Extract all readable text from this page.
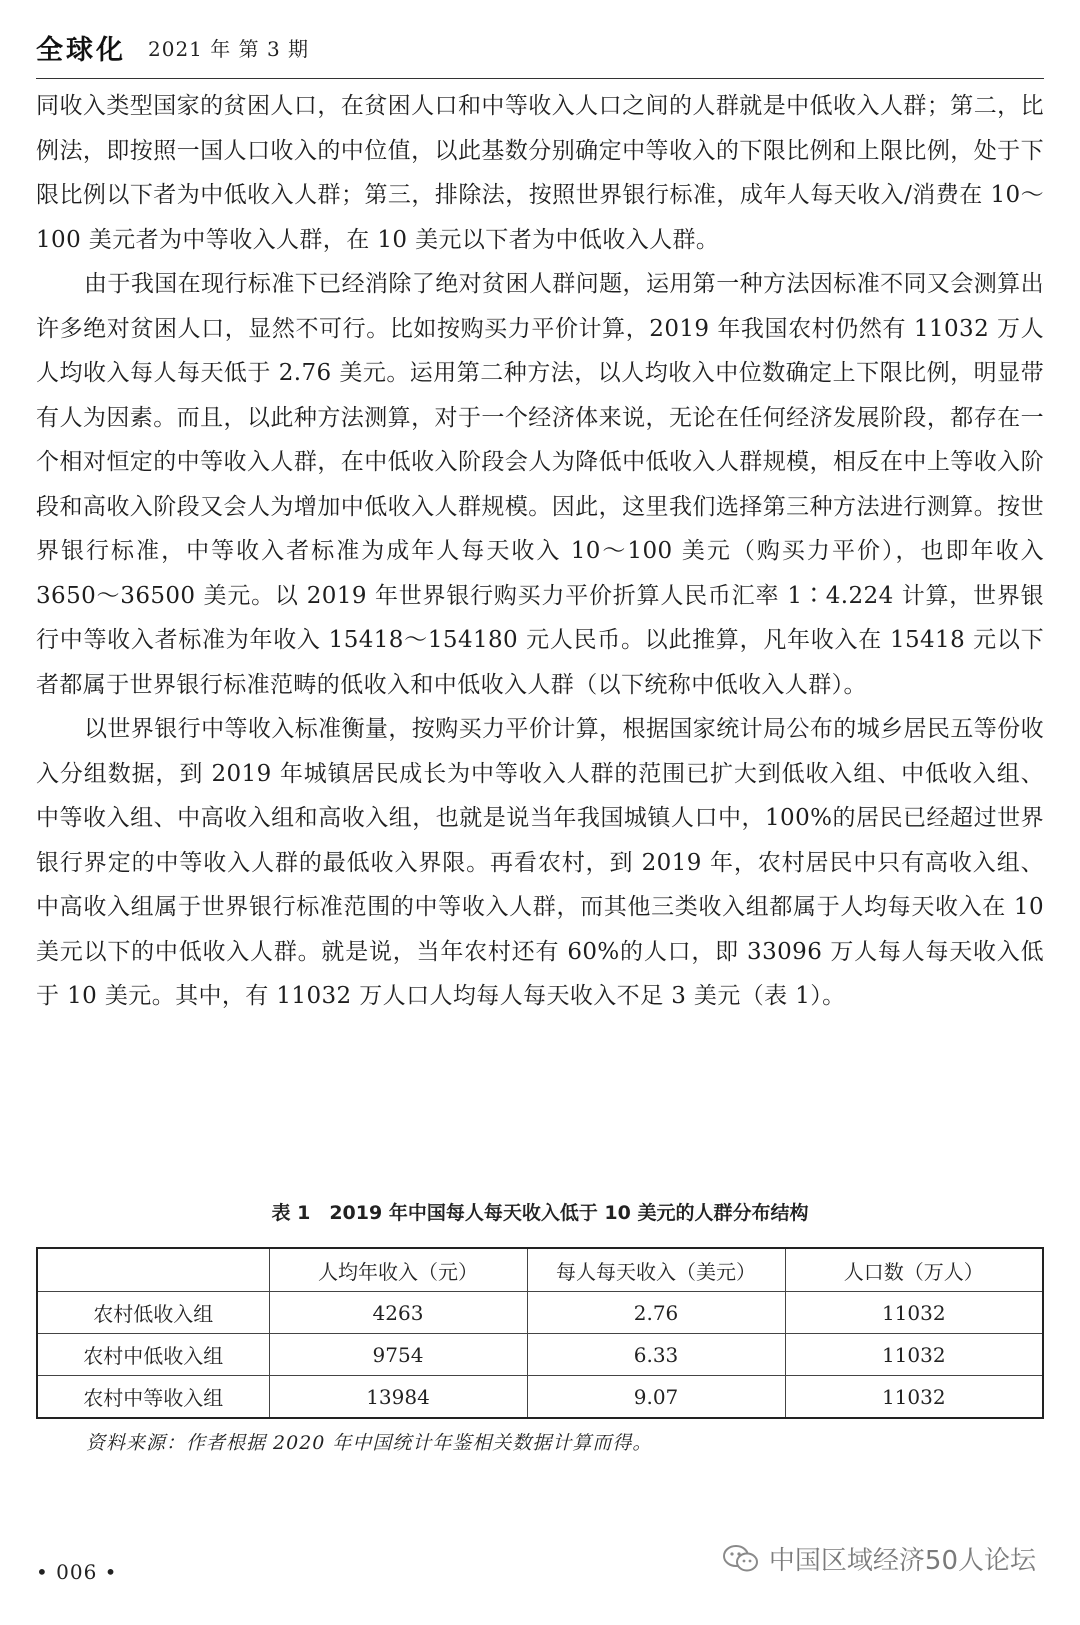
全球化 2021 年 第 3 期

同收入类型国家的贫困人口，在贫困人口和中等收入人口之间的人群就是中低收入人群；第二，比例法，即按照一国人口收入的中位值，以此基数分别确定中等收入的下限比例和上限比例，处于下限比例以下者为中低收入人群；第三，排除法，按照世界银行标准，成年人每天收入/消费在 10～100 美元者为中等收入人群，在 10 美元以下者为中低收入人群。

由于我国在现行标准下已经消除了绝对贫困人群问题，运用第一种方法因标准不同又会测算出许多绝对贫困人口，显然不可行。比如按购买力平价计算，2019 年我国农村仍然有 11032 万人人均收入每人每天低于 2.76 美元。运用第二种方法，以人均收入中位数确定上下限比例，明显带有人为因素。而且，以此种方法测算，对于一个经济体来说，无论在任何经济发展阶段，都存在一个相对恒定的中等收入人群，在中低收入阶段会人为降低中低收入人群规模，相反在中上等收入阶段和高收入阶段又会人为增加中低收入人群规模。因此，这里我们选择第三种方法进行测算。按世界银行标准，中等收入者标准为成年人每天收入 10～100 美元（购买力平价），也即年收入 3650～36500 美元。以 2019 年世界银行购买力平价折算人民币汇率 1∶4.224 计算，世界银行中等收入者标准为年收入 15418～154180 元人民币。以此推算，凡年收入在 15418 元以下者都属于世界银行标准范畴的低收入和中低收入人群（以下统称中低收入人群）。

以世界银行中等收入标准衡量，按购买力平价计算，根据国家统计局公布的城乡居民五等份收入分组数据，到 2019 年城镇居民成长为中等收入人群的范围已扩大到低收入组、中低收入组、中等收入组、中高收入组和高收入组，也就是说当年我国城镇人口中，100%的居民已经超过世界银行界定的中等收入人群的最低收入界限。再看农村，到 2019 年，农村居民中只有高收入组、中高收入组属于世界银行标准范围的中等收入人群，而其他三类收入组都属于人均每天收入在 10 美元以下的中低收入人群。就是说，当年农村还有 60%的人口，即 33096 万人每人每天收入低于 10 美元。其中，有 11032 万人口人均每人每天收入不足 3 美元（表 1）。

表 1　2019 年中国每人每天收入低于 10 美元的人群分布结构
	人均年收入（元）	每人每天收入（美元）	人口数（万人）
农村低收入组	4263	2.76	11032
农村中低收入组	9754	6.33	11032
农村中等收入组	13984	9.07	11032
资料来源：作者根据 2020 年中国统计年鉴相关数据计算而得。
• 006 •	中国区域经济50人论坛
